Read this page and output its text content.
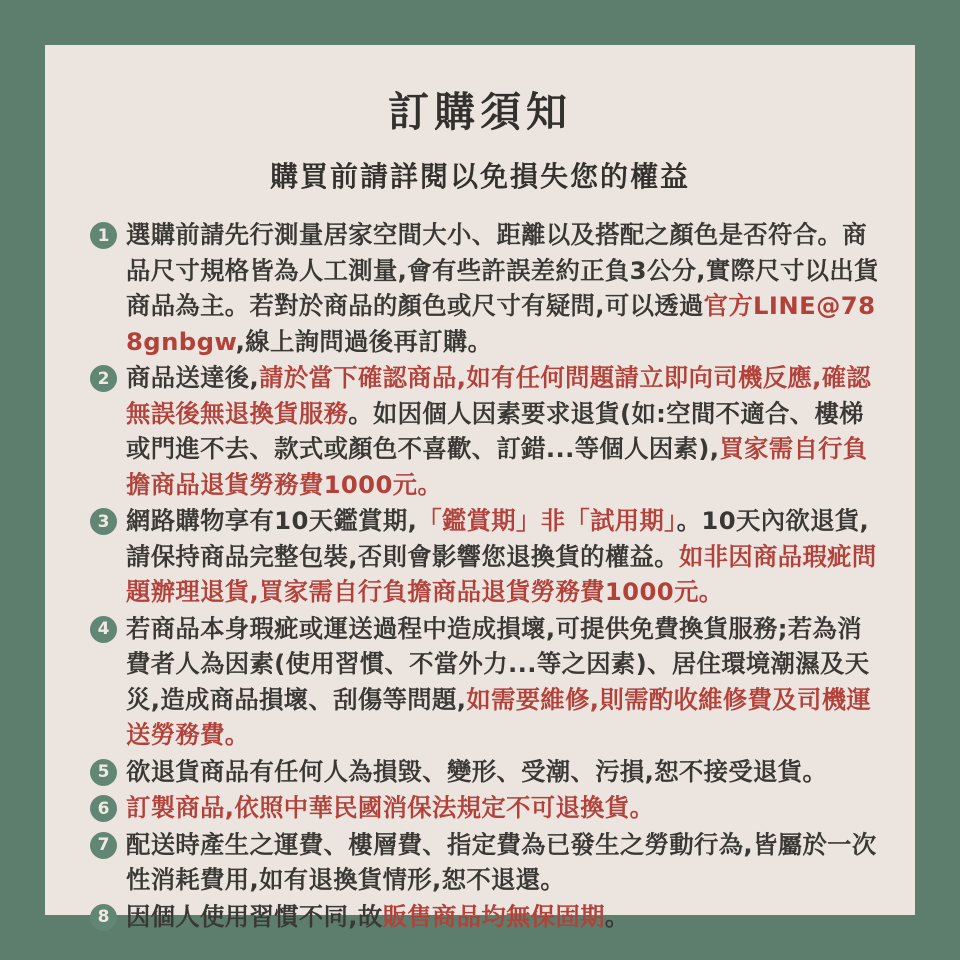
訂購須知
購買前請詳閱以免損失您的權益
1 選購前請先行測量居家空間大小、距離以及搭配之顏色是否符合。商品尺寸規格皆為人工測量,會有些許誤差約正負3公分,實際尺寸以出貨商品為主。若對於商品的顏色或尺寸有疑問,可以透過官方LINE@788gnbgw,線上詢問過後再訂購。

2 商品送達後,請於當下確認商品,如有任何問題請立即向司機反應,確認無誤後無退換貨服務。如因個人因素要求退貨(如:空間不適合、樓梯或門進不去、款式或顏色不喜歡、訂錯...等個人因素),買家需自行負擔商品退貨勞務費1000元。

3 網路購物享有10天鑑賞期,「鑑賞期」非「試用期」。10天內欲退貨,請保持商品完整包裝,否則會影響您退換貨的權益。如非因商品瑕疵問題辦理退貨,買家需自行負擔商品退貨勞務費1000元。

4 若商品本身瑕疵或運送過程中造成損壞,可提供免費換貨服務;若為消費者人為因素(使用習慣、不當外力...等之因素)、居住環境潮濕及天災,造成商品損壞、刮傷等問題,如需要維修,則需酌收維修費及司機運送勞務費。

5 欲退貨商品有任何人為損毀、變形、受潮、污損,恕不接受退貨。

6 訂製商品,依照中華民國消保法規定不可退換貨。

7 配送時產生之運費、樓層費、指定費為已發生之勞動行為,皆屬於一次性消耗費用,如有退換貨情形,恕不退還。

8 因個人使用習慣不同,故販售商品均無保固期。
